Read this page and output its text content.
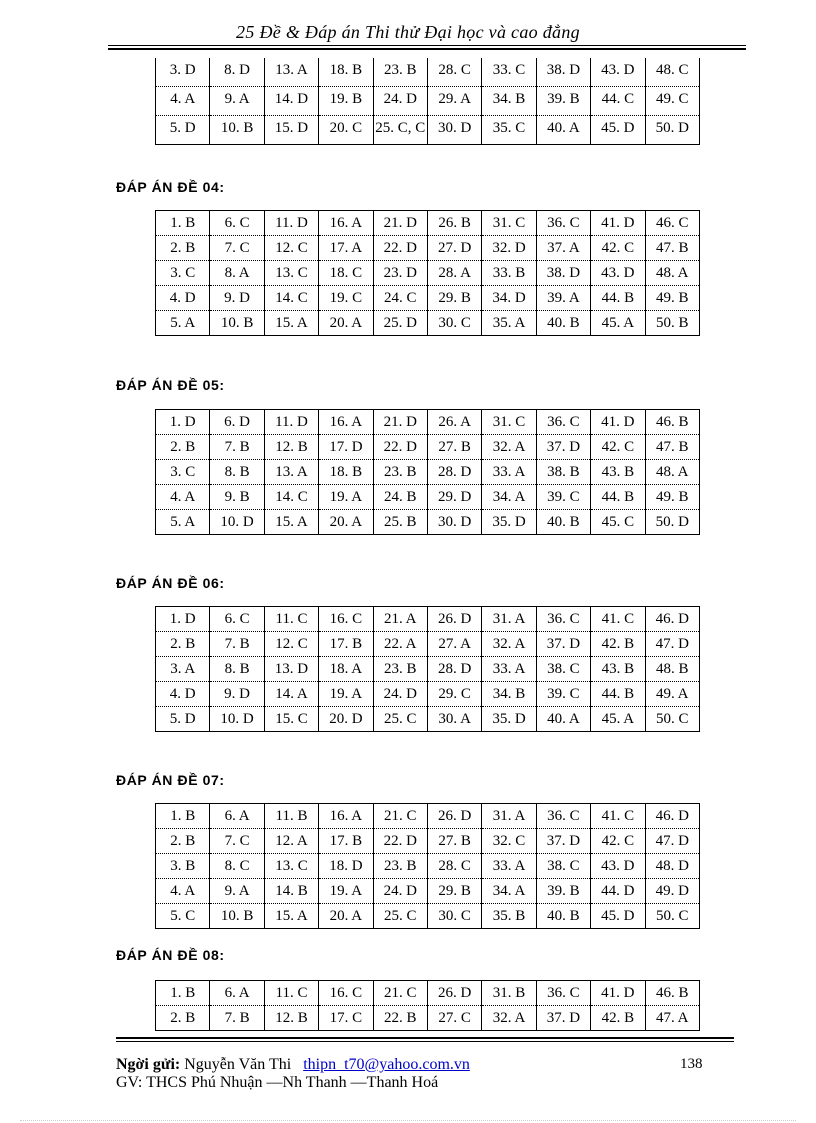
25 Đề & Đáp án Thi thử Đại học và cao đẳng
3. D	8. D	13. A	18. B	23. B	28. C	33. C	38. D	43. D	48. C
4. A	9. A	14. D	19. B	24. D	29. A	34. B	39. B	44. C	49. C
5. D	10. B	15. D	20. C	25. C, C	30. D	35. C	40. A	45. D	50. D
ĐÁP ÁN ĐỀ 04:
1. B	6. C	11. D	16. A	21. D	26. B	31. C	36. C	41. D	46. C
2. B	7. C	12. C	17. A	22. D	27. D	32. D	37. A	42. C	47. B
3. C	8. A	13. C	18. C	23. D	28. A	33. B	38. D	43. D	48. A
4. D	9. D	14. C	19. C	24. C	29. B	34. D	39. A	44. B	49. B
5. A	10. B	15. A	20. A	25. D	30. C	35. A	40. B	45. A	50. B
ĐÁP ÁN ĐỀ 05:
1. D	6. D	11. D	16. A	21. D	26. A	31. C	36. C	41. D	46. B
2. B	7. B	12. B	17. D	22. D	27. B	32. A	37. D	42. C	47. B
3. C	8. B	13. A	18. B	23. B	28. D	33. A	38. B	43. B	48. A
4. A	9. B	14. C	19. A	24. B	29. D	34. A	39. C	44. B	49. B
5. A	10. D	15. A	20. A	25. B	30. D	35. D	40. B	45. C	50. D
ĐÁP ÁN ĐỀ 06:
1. D	6. C	11. C	16. C	21. A	26. D	31. A	36. C	41. C	46. D
2. B	7. B	12. C	17. B	22. A	27. A	32. A	37. D	42. B	47. D
3. A	8. B	13. D	18. A	23. B	28. D	33. A	38. C	43. B	48. B
4. D	9. D	14. A	19. A	24. D	29. C	34. B	39. C	44. B	49. A
5. D	10. D	15. C	20. D	25. C	30. A	35. D	40. A	45. A	50. C
ĐÁP ÁN ĐỀ 07:
1. B	6. A	11. B	16. A	21. C	26. D	31. A	36. C	41. C	46. D
2. B	7. C	12. A	17. B	22. D	27. B	32. C	37. D	42. C	47. D
3. B	8. C	13. C	18. D	23. B	28. C	33. A	38. C	43. D	48. D
4. A	9. A	14. B	19. A	24. D	29. B	34. A	39. B	44. D	49. D
5. C	10. B	15. A	20. A	25. C	30. C	35. B	40. B	45. D	50. C
ĐÁP ÁN ĐỀ 08:
1. B	6. A	11. C	16. C	21. C	26. D	31. B	36. C	41. D	46. B
2. B	7. B	12. B	17. C	22. B	27. C	32. A	37. D	42. B	47. A
Ngời gửi: Nguyễn Văn Thi thipn_t70@yahoo.com.vn	138
GV: THCS Phú Nhuận —Nh Thanh —Thanh Hoá
